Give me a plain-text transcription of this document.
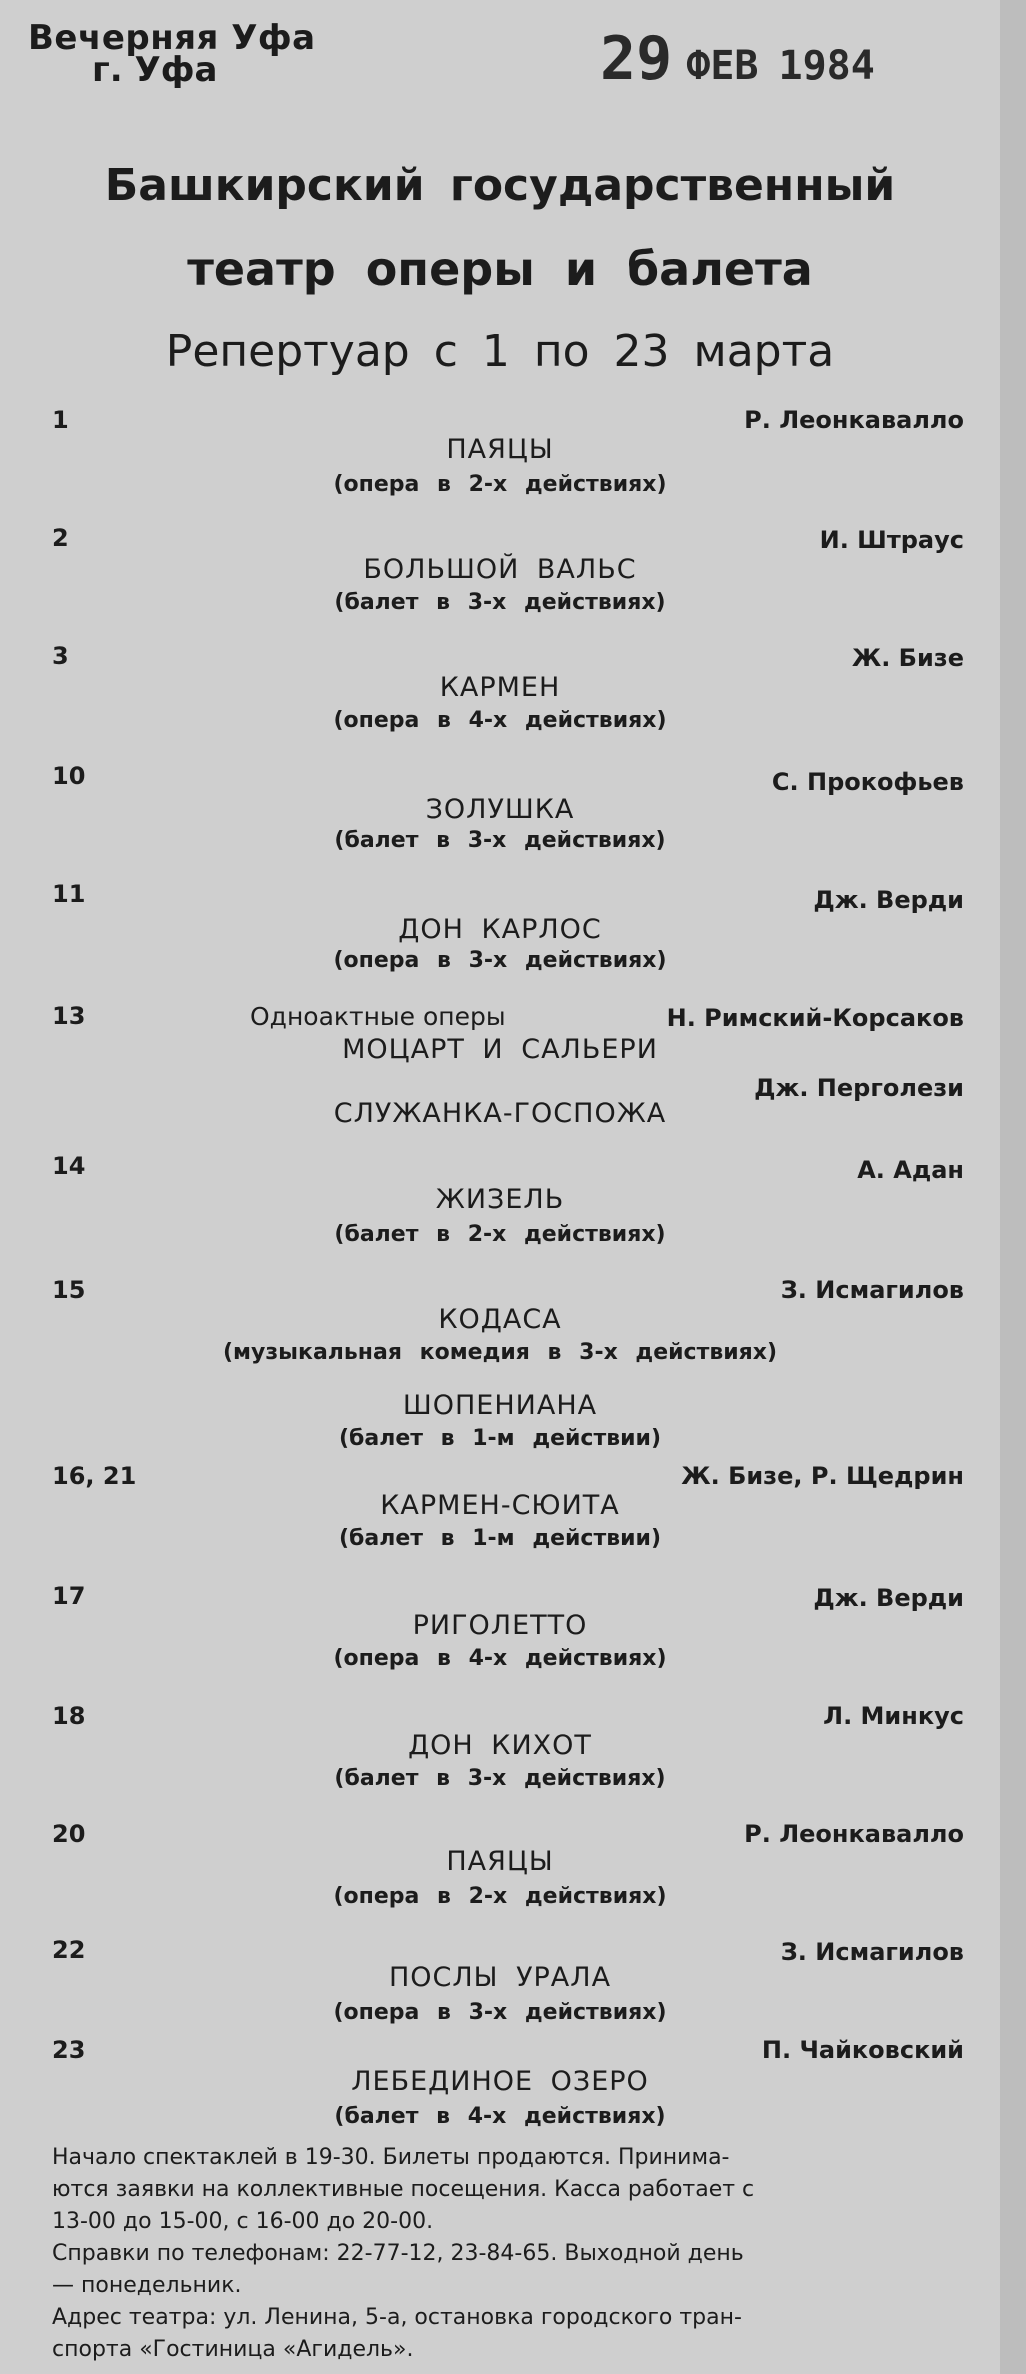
Вечерняя Уфа
г. Уфа	29 ФЕВ 1984
Башкирский государственный
театр оперы и балета
Репертуар с 1 по 23 марта
1	Р. Леонкавалло
ПАЯЦЫ
(опера в 2-х действиях)
2	И. Штраус
БОЛЬШОЙ ВАЛЬС
(балет в 3-х действиях)
3	Ж. Бизе
КАРМЕН
(опера в 4-х действиях)
10	С. Прокофьев
ЗОЛУШКА
(балет в 3-х действиях)
11	Дж. Верди
ДОН КАРЛОС
(опера в 3-х действиях)
13	Одноактные оперы	Н. Римский-Корсаков
МОЦАРТ И САЛЬЕРИ
Дж. Перголези
СЛУЖАНКА-ГОСПОЖА
14	А. Адан
ЖИЗЕЛЬ
(балет в 2-х действиях)
15	З. Исмагилов
КОДАСА
(музыкальная комедия в 3-х действиях)
ШОПЕНИАНА
(балет в 1-м действии)
16, 21	Ж. Бизе, Р. Щедрин
КАРМЕН-СЮИТА
(балет в 1-м действии)
17	Дж. Верди
РИГОЛЕТТО
(опера в 4-х действиях)
18	Л. Минкус
ДОН КИХОТ
(балет в 3-х действиях)
20	Р. Леонкавалло
ПАЯЦЫ
(опера в 2-х действиях)
22	З. Исмагилов
ПОСЛЫ УРАЛА
(опера в 3-х действиях)
23	П. Чайковский
ЛЕБЕДИНОЕ ОЗЕРО
(балет в 4-х действиях)
Начало спектаклей в 19-30. Билеты продаются. Принима-
ются заявки на коллективные посещения. Касса работает с
13-00 до 15-00, с 16-00 до 20-00.
Справки по телефонам: 22-77-12, 23-84-65. Выходной день
— понедельник.
Адрес театра: ул. Ленина, 5-а, остановка городского тран-
спорта «Гостиница «Агидель».
